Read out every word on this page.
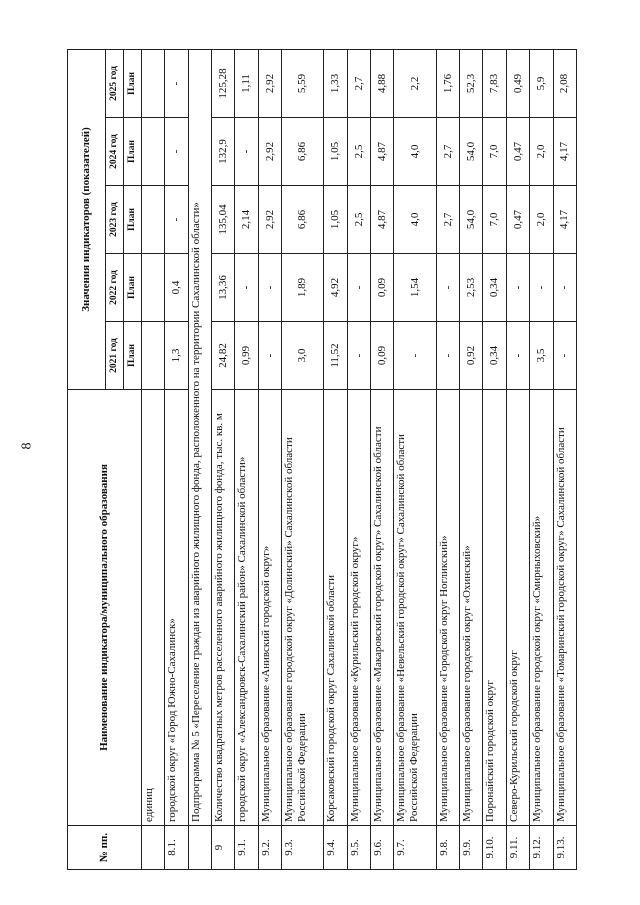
8
№ пп.	Наименование индикатора/муниципального образования	Значения индикаторов (показателей)				
		2021 год	2022 год	2023 год	2024 год	2025 год
		План	План	План	План	План
	единиц					
8.1.	городской округ «Город Южно-Сахалинск»	1,3	0,4	-	-	-
	Подпрограмма № 5 «Переселение граждан из аварийного жилищного фонда, расположенного на территории Сахалинской области»					
9	Количество квадратных метров расселенного аварийного жилищного фонда, тыс. кв. м	24,82	13,36	135,04	132,9	125,28
9.1.	городской округ «Александровск-Сахалинский район» Сахалинской области»	0,99	-	2,14	-	1,11
9.2.	Муниципальное образование «Анивский городской округ»	-	-	2,92	2,92	2,92
9.3.	Муниципальное образование городской округ «Долинский» Сахалинской области Российской Федерации	3,0	1,89	6,86	6,86	5,59
9.4.	Корсаковский городской округ Сахалинской области	11,52	4,92	1,05	1,05	1,33
9.5.	Муниципальное образование «Курильский городской округ»	-	-	2,5	2,5	2,7
9.6.	Муниципальное образование «Макаровский городской округ» Сахалинской области	0,09	0,09	4,87	4,87	4,88
9.7.	Муниципальное образование «Невельский городской округ» Сахалинской области Российской Федерации	-	1,54	4,0	4,0	2,2
9.8.	Муниципальное образование «Городской округ Ногликский»	-	-	2,7	2,7	1,76
9.9.	Муниципальное образование городской округ «Охинский»	0,92	2,53	54,0	54,0	52,3
9.10.	Поронайский городской округ	0,34	0,34	7,0	7,0	7,83
9.11.	Северо-Курильский городской округ	-	-	0,47	0,47	0,49
9.12.	Муниципальное образование городской округ «Смирныховский»	3,5	-	2,0	2,0	5,9
9.13.	Муниципальное образование «Томаринский городской округ» Сахалинской области	-	-	4,17	4,17	2,08
